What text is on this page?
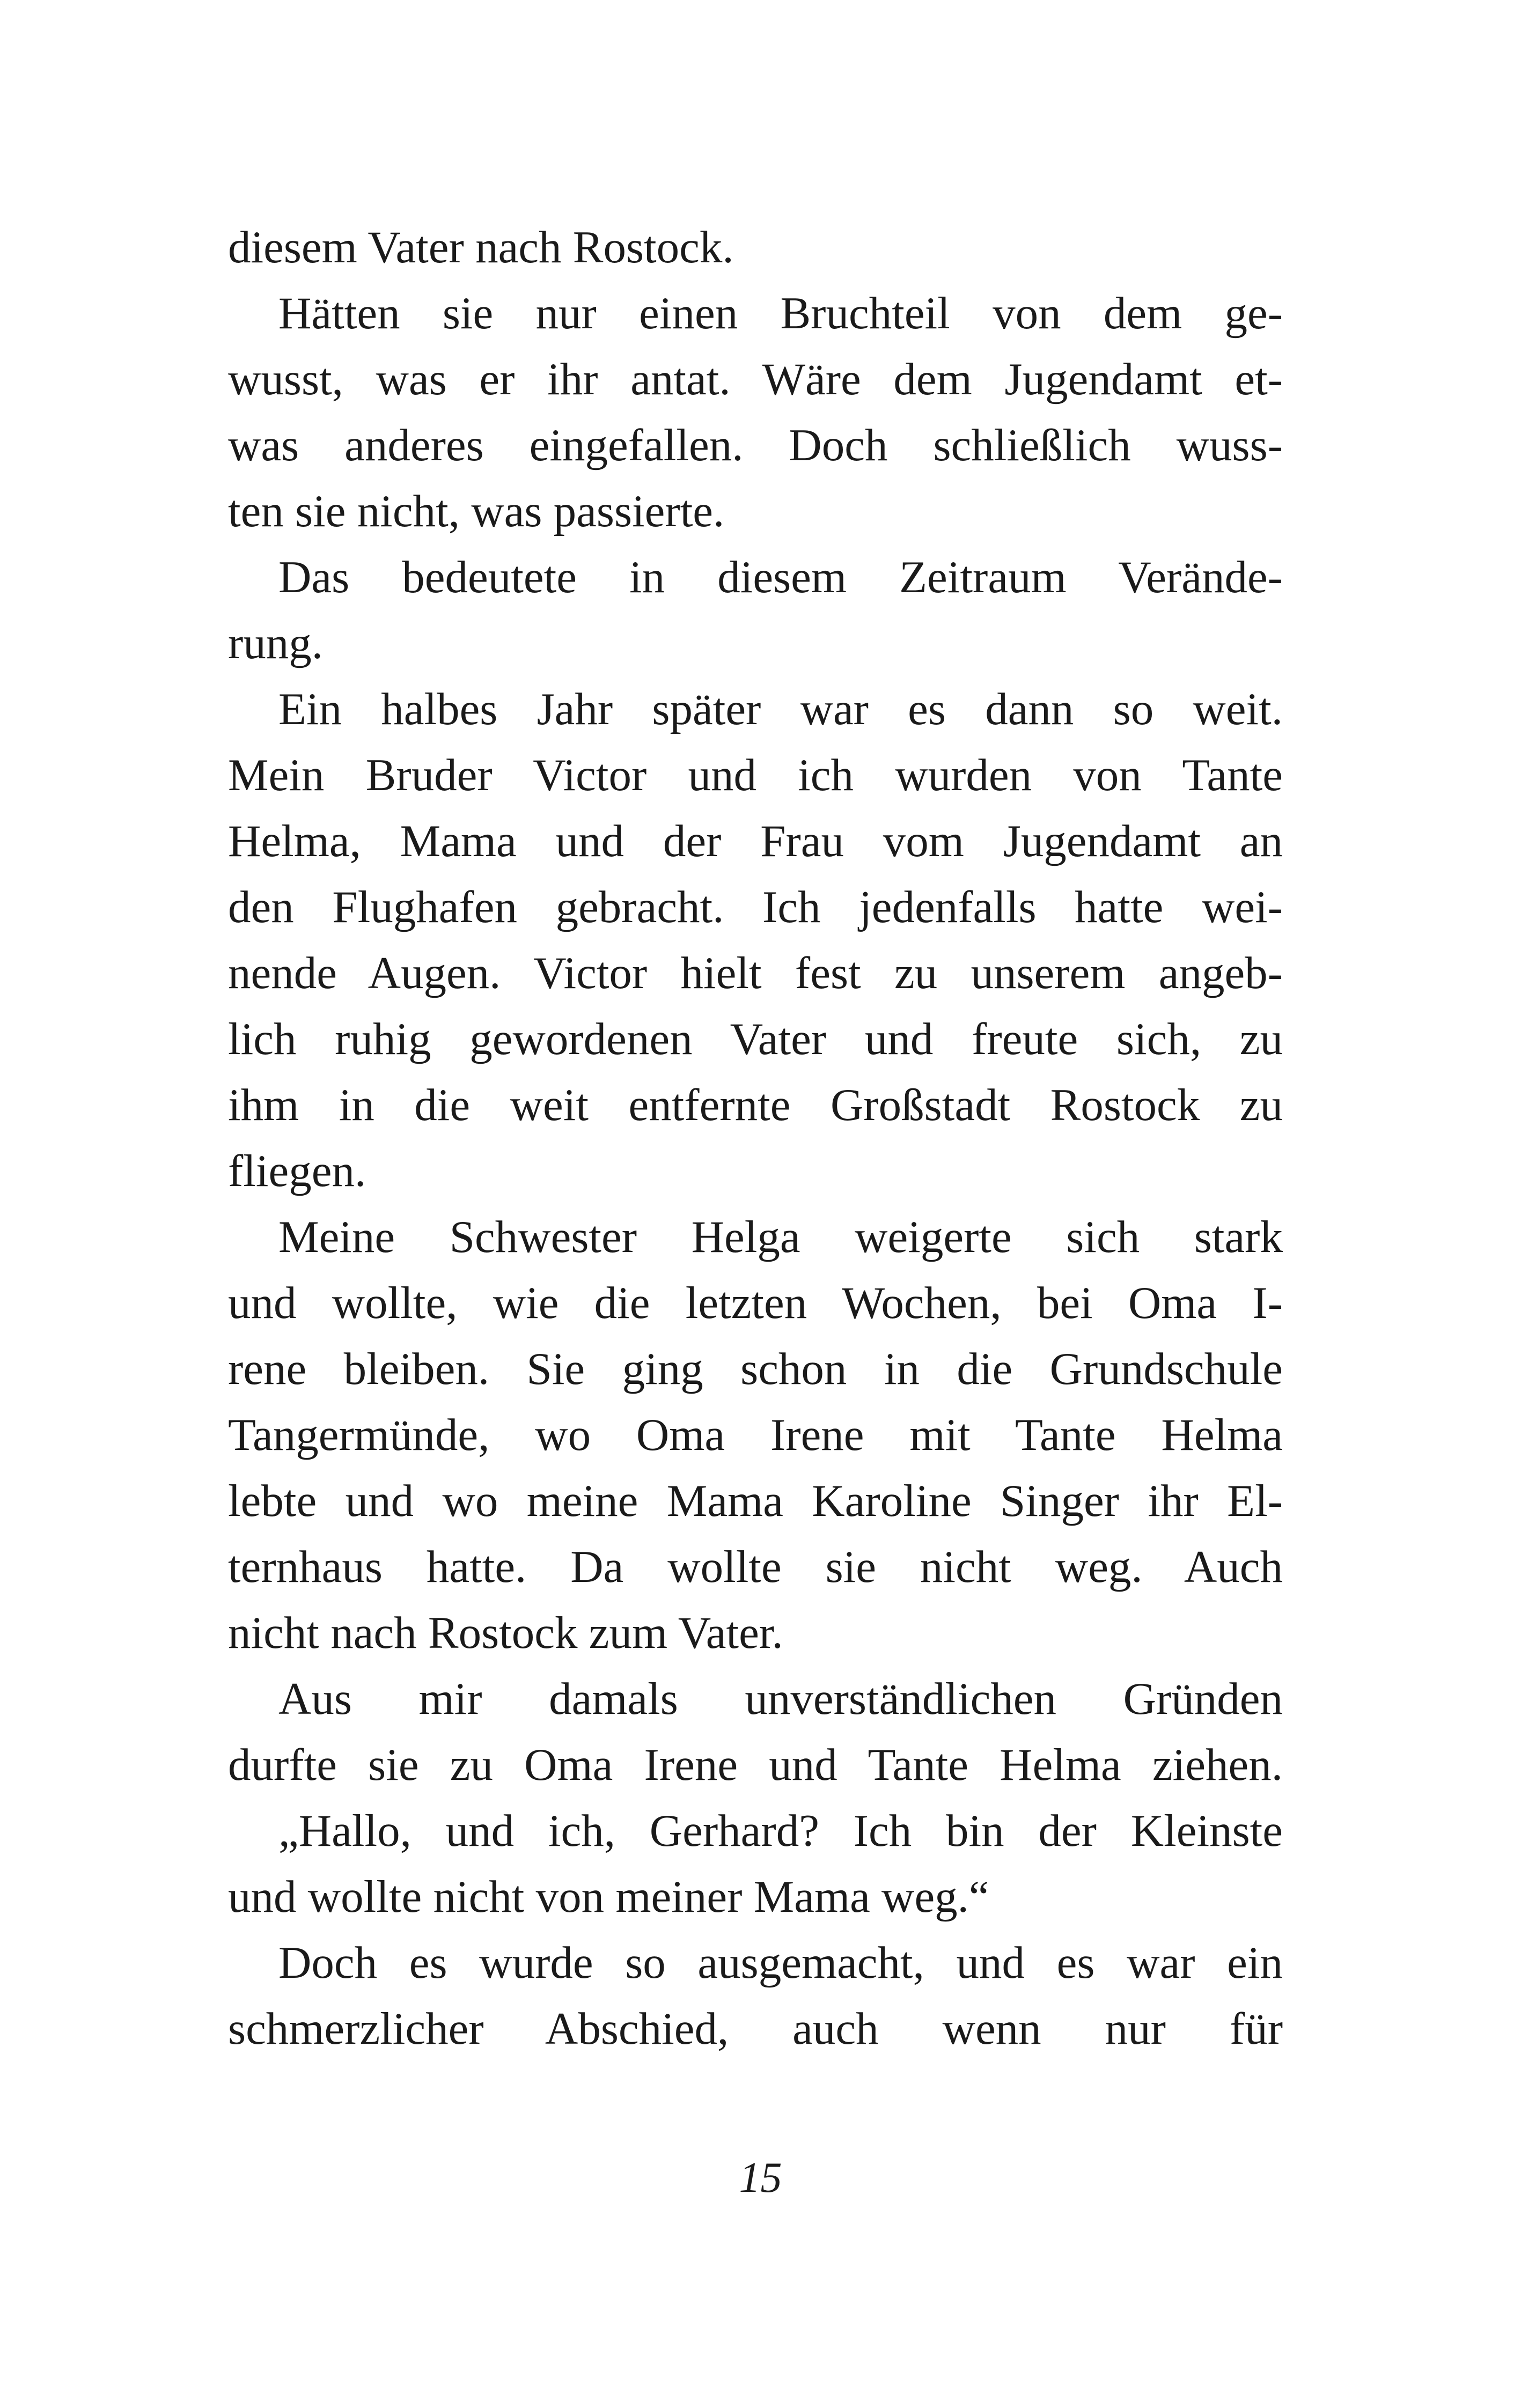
diesem Vater nach Rostock.
Hätten sie nur einen Bruchteil von dem ge-
wusst, was er ihr antat. Wäre dem Jugendamt et-
was anderes eingefallen. Doch schließlich wuss-
ten sie nicht, was passierte.
Das bedeutete in diesem Zeitraum Verände-
rung.
Ein halbes Jahr später war es dann so weit.
Mein Bruder Victor und ich wurden von Tante
Helma, Mama und der Frau vom Jugendamt an
den Flughafen gebracht. Ich jedenfalls hatte wei-
nende Augen. Victor hielt fest zu unserem angeb-
lich ruhig gewordenen Vater und freute sich, zu
ihm in die weit entfernte Großstadt Rostock zu
fliegen.
Meine Schwester Helga weigerte sich stark
und wollte, wie die letzten Wochen, bei Oma I-
rene bleiben. Sie ging schon in die Grundschule
Tangermünde, wo Oma Irene mit Tante Helma
lebte und wo meine Mama Karoline Singer ihr El-
ternhaus hatte. Da wollte sie nicht weg. Auch
nicht nach Rostock zum Vater.
Aus mir damals unverständlichen Gründen
durfte sie zu Oma Irene und Tante Helma ziehen.
„Hallo, und ich, Gerhard? Ich bin der Kleinste
und wollte nicht von meiner Mama weg.“
Doch es wurde so ausgemacht, und es war ein
schmerzlicher Abschied, auch wenn nur für
15
